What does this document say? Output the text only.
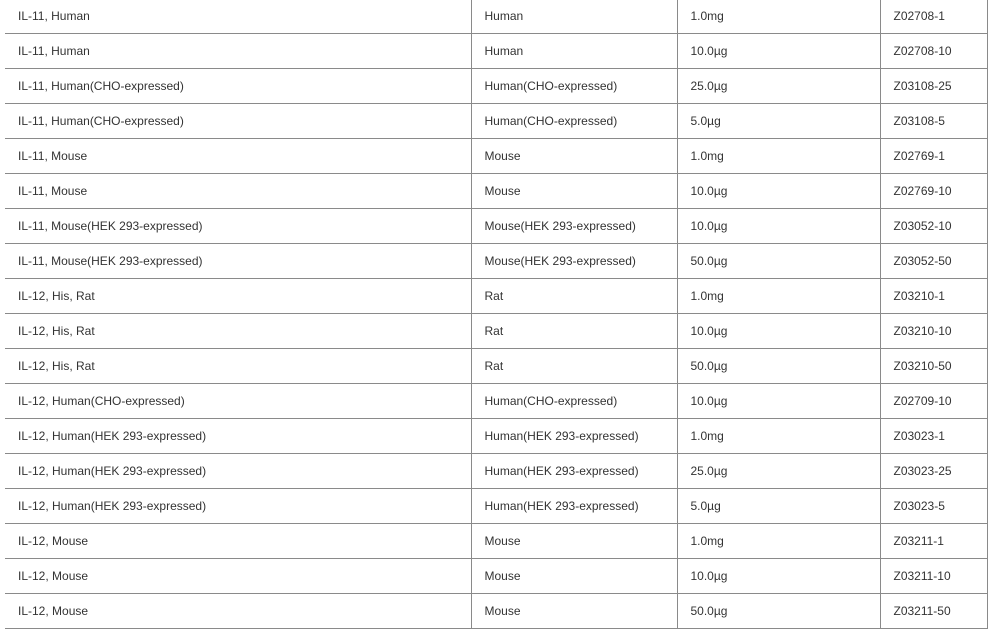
IL-11, Human	Human	1.0mg	Z02708-1
IL-11, Human	Human	10.0µg	Z02708-10
IL-11, Human(CHO-expressed)	Human(CHO-expressed)	25.0µg	Z03108-25
IL-11, Human(CHO-expressed)	Human(CHO-expressed)	5.0µg	Z03108-5
IL-11, Mouse	Mouse	1.0mg	Z02769-1
IL-11, Mouse	Mouse	10.0µg	Z02769-10
IL-11, Mouse(HEK 293-expressed)	Mouse(HEK 293-expressed)	10.0µg	Z03052-10
IL-11, Mouse(HEK 293-expressed)	Mouse(HEK 293-expressed)	50.0µg	Z03052-50
IL-12, His, Rat	Rat	1.0mg	Z03210-1
IL-12, His, Rat	Rat	10.0µg	Z03210-10
IL-12, His, Rat	Rat	50.0µg	Z03210-50
IL-12, Human(CHO-expressed)	Human(CHO-expressed)	10.0µg	Z02709-10
IL-12, Human(HEK 293-expressed)	Human(HEK 293-expressed)	1.0mg	Z03023-1
IL-12, Human(HEK 293-expressed)	Human(HEK 293-expressed)	25.0µg	Z03023-25
IL-12, Human(HEK 293-expressed)	Human(HEK 293-expressed)	5.0µg	Z03023-5
IL-12, Mouse	Mouse	1.0mg	Z03211-1
IL-12, Mouse	Mouse	10.0µg	Z03211-10
IL-12, Mouse	Mouse	50.0µg	Z03211-50
